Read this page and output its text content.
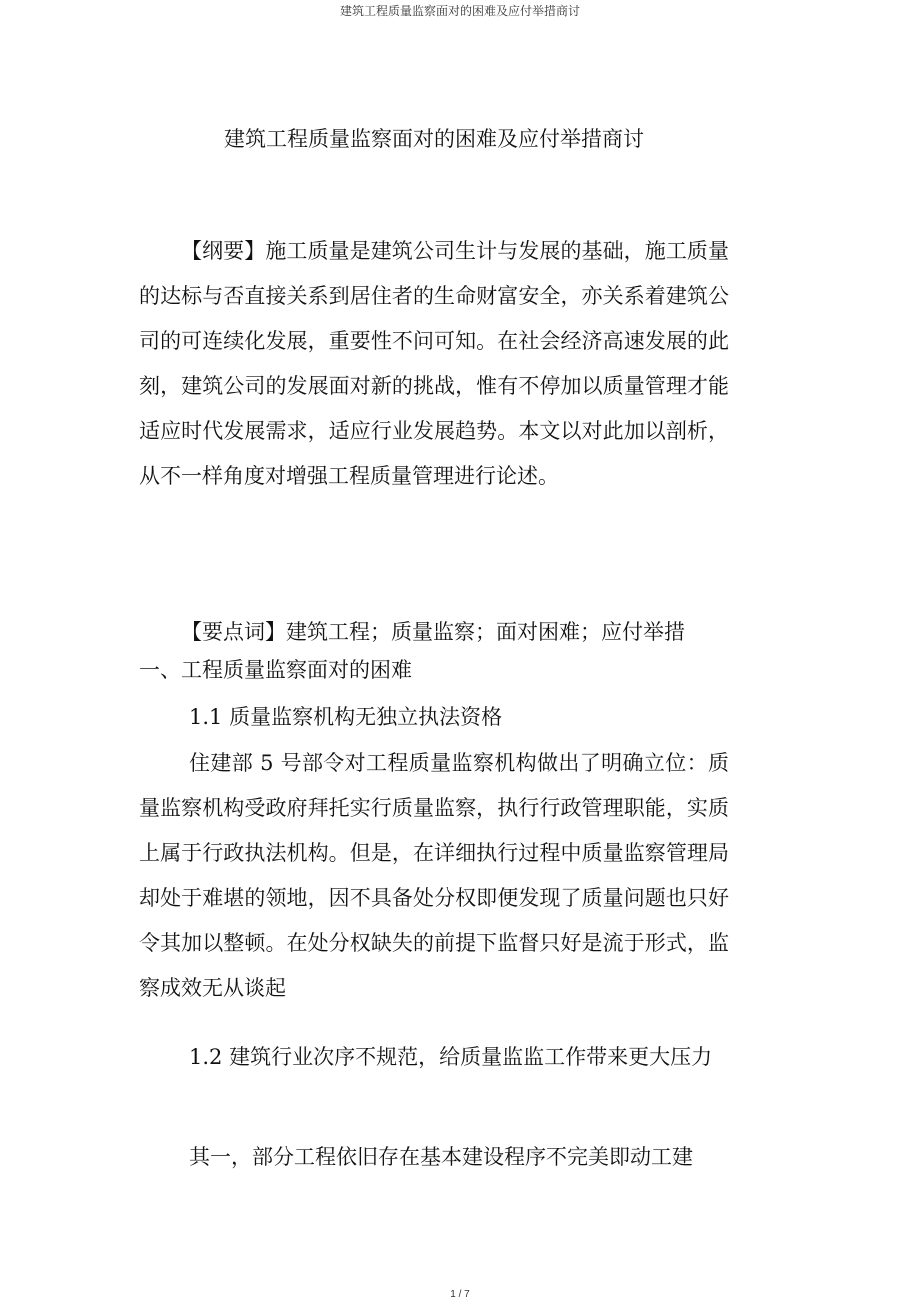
建筑工程质量监察面对的困难及应付举措商讨
建筑工程质量监察面对的困难及应付举措商讨

【纲要】施工质量是建筑公司生计与发展的基础，施工质量的达标与否直接关系到居住者的生命财富安全，亦关系着建筑公司的可连续化发展，重要性不问可知。在社会经济高速发展的此刻，建筑公司的发展面对新的挑战，惟有不停加以质量管理才能适应时代发展需求，适应行业发展趋势。本文以对此加以剖析，从不一样角度对增强工程质量管理进行论述。

【要点词】建筑工程；质量监察；面对困难；应付举措

一、工程质量监察面对的困难

1.1 质量监察机构无独立执法资格

住建部 5 号部令对工程质量监察机构做出了明确立位：质量监察机构受政府拜托实行质量监察，执行行政管理职能，实质上属于行政执法机构。但是，在详细执行过程中质量监察管理局却处于难堪的领地，因不具备处分权即便发现了质量问题也只好令其加以整顿。在处分权缺失的前提下监督只好是流于形式，监察成效无从谈起

1.2 建筑行业次序不规范，给质量监监工作带来更大压力

其一，部分工程依旧存在基本建设程序不完美即动工建

1 / 7
